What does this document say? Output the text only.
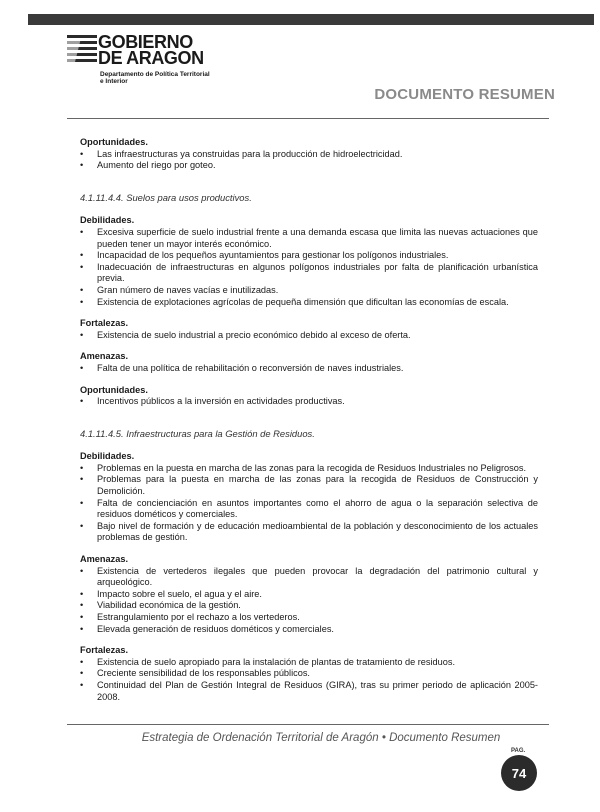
GOBIERNO
DE ARAGON
Departamento de Política Territorial
e Interior
DOCUMENTO RESUMEN

Oportunidades.

• Las infraestructuras ya construidas para la producción de hidroelectricidad.
• Aumento del riego por goteo.

4.1.11.4.4. Suelos para usos productivos.

Debilidades.

• Excesiva superficie de suelo industrial frente a una demanda escasa que limita las nuevas actuaciones que pueden tener un mayor interés económico.
• Incapacidad de los pequeños ayuntamientos para gestionar los polígonos industriales.
• Inadecuación de infraestructuras en algunos polígonos industriales por falta de planificación urbanística previa.
• Gran número de naves vacías e inutilizadas.
• Existencia de explotaciones agrícolas de pequeña dimensión que dificultan las economías de escala.

Fortalezas.

• Existencia de suelo industrial a precio económico debido al exceso de oferta.

Amenazas.

• Falta de una política de rehabilitación o reconversión de naves industriales.

Oportunidades.

• Incentivos públicos a la inversión en actividades productivas.

4.1.11.4.5. Infraestructuras para la Gestión de Residuos.

Debilidades.

• Problemas en la puesta en marcha de las zonas para la recogida de Residuos Industriales no Peligrosos.
• Problemas para la puesta en marcha de las zonas para la recogida de Residuos de Construcción y Demolición.
• Falta de concienciación en asuntos importantes como el ahorro de agua o la separación selectiva de residuos dométicos y comerciales.
• Bajo nivel de formación y de educación medioambiental de la población y desconocimiento de los actuales problemas de gestión.

Amenazas.

• Existencia de vertederos ilegales que pueden provocar la degradación del patrimonio cultural y arqueológico.
• Impacto sobre el suelo, el agua y el aire.
• Viabilidad económica de la gestión.
• Estrangulamiento por el rechazo a los vertederos.
• Elevada generación de residuos dométicos y comerciales.

Fortalezas.

• Existencia de suelo apropiado para la instalación de plantas de tratamiento de residuos.
• Creciente sensibilidad de los responsables públicos.
• Continuidad del Plan de Gestión Integral de Residuos (GIRA), tras su primer periodo de aplicación 2005-2008.
Estrategia de Ordenación Territorial de Aragón • Documento Resumen
PAG.
74
